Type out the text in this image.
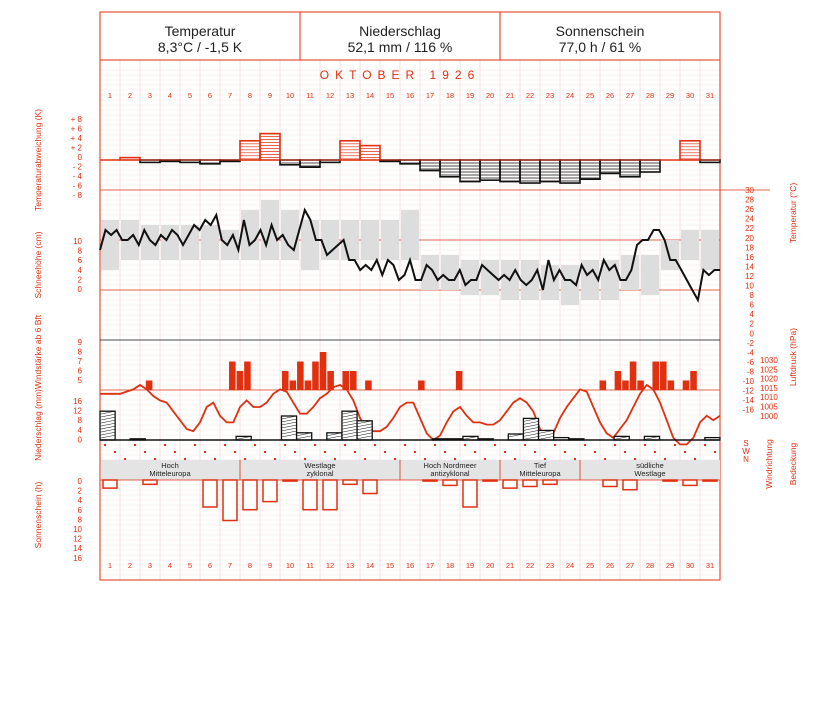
Temperatur
8,3°C / -1,5 K
Niederschlag
52,1 mm / 116 %
Sonnenschein
77,0 h / 61 %
OKTOBER 1926
Temperaturabweichung (K)
Schneehöhe (cm)
Windstärke ab 6 Bft
Niederschlag (mm)
Sonnenschein (h)
Temperatur (°C)
Luftdruck (hPa)
Windrichtung Bedeckung
+ 8
+ 6
+ 4
+ 2
0
- 2
- 4
- 6
- 8
10
8
6
4
2
0
9
8
7
6
5
16
12
8
4
0
0
2
4
6
8
10
12
14
16
30
28
26
24
22
20
18
16
14
12
10
8
6
4
2
0
-2
-4
-6
-8
-10
-12
-14
-16
1030
1025
1020
1015
1010
1005
1000
S
W
N
1
1
2
2
3
3
4
4
5
5
6
6
7
7
8
8
9
9
10
10
11
11
12
12
13
13
14
14
15
15
16
16
17
17
18
18
19
19
20
20
21
21
22
22
23
23
24
24
25
25
26
26
27
27
28
28
29
29
30
30
31
31
Hoch
Mitteleuropa
Westlage
zyklonal
Hoch Nordmeer
antizyklonal
Tief
Mitteleuropa
südliche
Westlage
